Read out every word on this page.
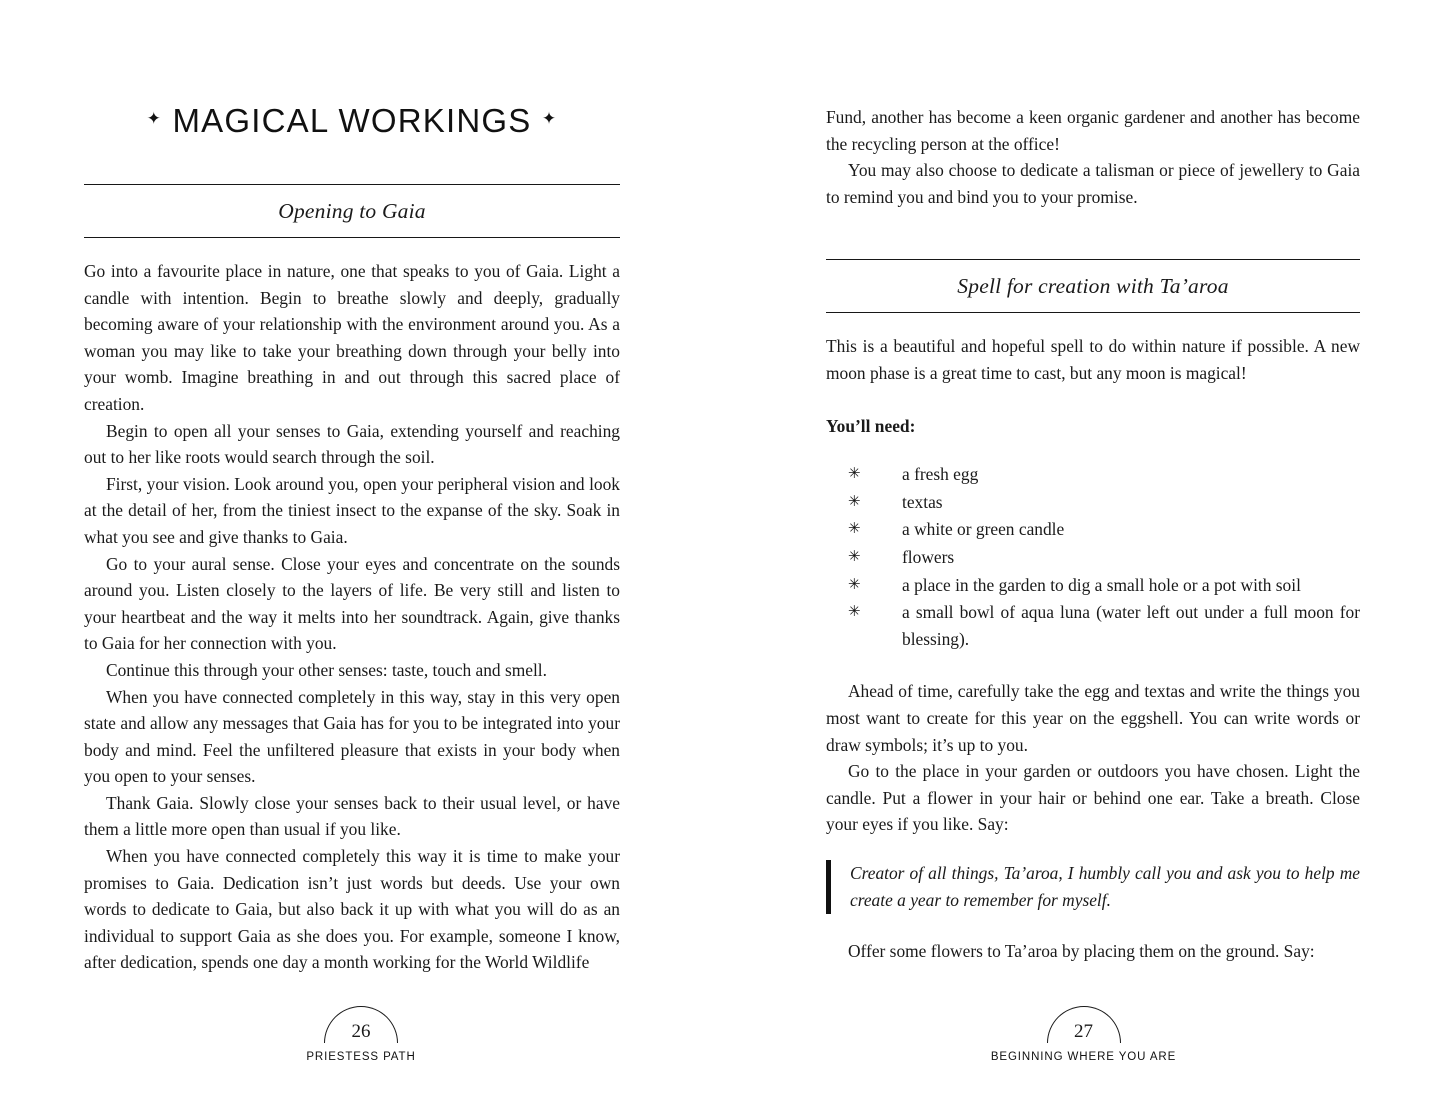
✦ MAGICAL WORKINGS ✦
Opening to Gaia

Go into a favourite place in nature, one that speaks to you of Gaia. Light a candle with intention. Begin to breathe slowly and deeply, gradually becoming aware of your relationship with the environment around you. As a woman you may like to take your breathing down through your belly into your womb. Imagine breathing in and out through this sacred place of creation.

Begin to open all your senses to Gaia, extending yourself and reaching out to her like roots would search through the soil.

First, your vision. Look around you, open your peripheral vision and look at the detail of her, from the tiniest insect to the expanse of the sky. Soak in what you see and give thanks to Gaia.

Go to your aural sense. Close your eyes and concentrate on the sounds around you. Listen closely to the layers of life. Be very still and listen to your heartbeat and the way it melts into her soundtrack. Again, give thanks to Gaia for her connection with you.

Continue this through your other senses: taste, touch and smell.

When you have connected completely in this way, stay in this very open state and allow any messages that Gaia has for you to be integrated into your body and mind. Feel the unfiltered pleasure that exists in your body when you open to your senses.

Thank Gaia. Slowly close your senses back to their usual level, or have them a little more open than usual if you like.

When you have connected completely this way it is time to make your promises to Gaia. Dedication isn’t just words but deeds. Use your own words to dedicate to Gaia, but also back it up with what you will do as an individual to support Gaia as she does you. For example, someone I know, after dedication, spends one day a month working for the World Wildlife

26
PRIESTESS PATH

Fund, another has become a keen organic gardener and another has become the recycling person at the office!

You may also choose to dedicate a talisman or piece of jewellery to Gaia to remind you and bind you to your promise.

Spell for creation with Ta’aroa

This is a beautiful and hopeful spell to do within nature if possible. A new moon phase is a great time to cast, but any moon is magical!

You’ll need:

✳	a fresh egg
✳	textas
✳	a white or green candle
✳	flowers
✳	a place in the garden to dig a small hole or a pot with soil
✳	a small bowl of aqua luna (water left out under a full moon for blessing).

Ahead of time, carefully take the egg and textas and write the things you most want to create for this year on the eggshell. You can write words or draw symbols; it’s up to you.

Go to the place in your garden or outdoors you have chosen. Light the candle. Put a flower in your hair or behind one ear. Take a breath. Close your eyes if you like. Say:

Creator of all things, Ta’aroa, I humbly call you and ask you to help me create a year to remember for myself.

Offer some flowers to Ta’aroa by placing them on the ground. Say:

27
BEGINNING WHERE YOU ARE
